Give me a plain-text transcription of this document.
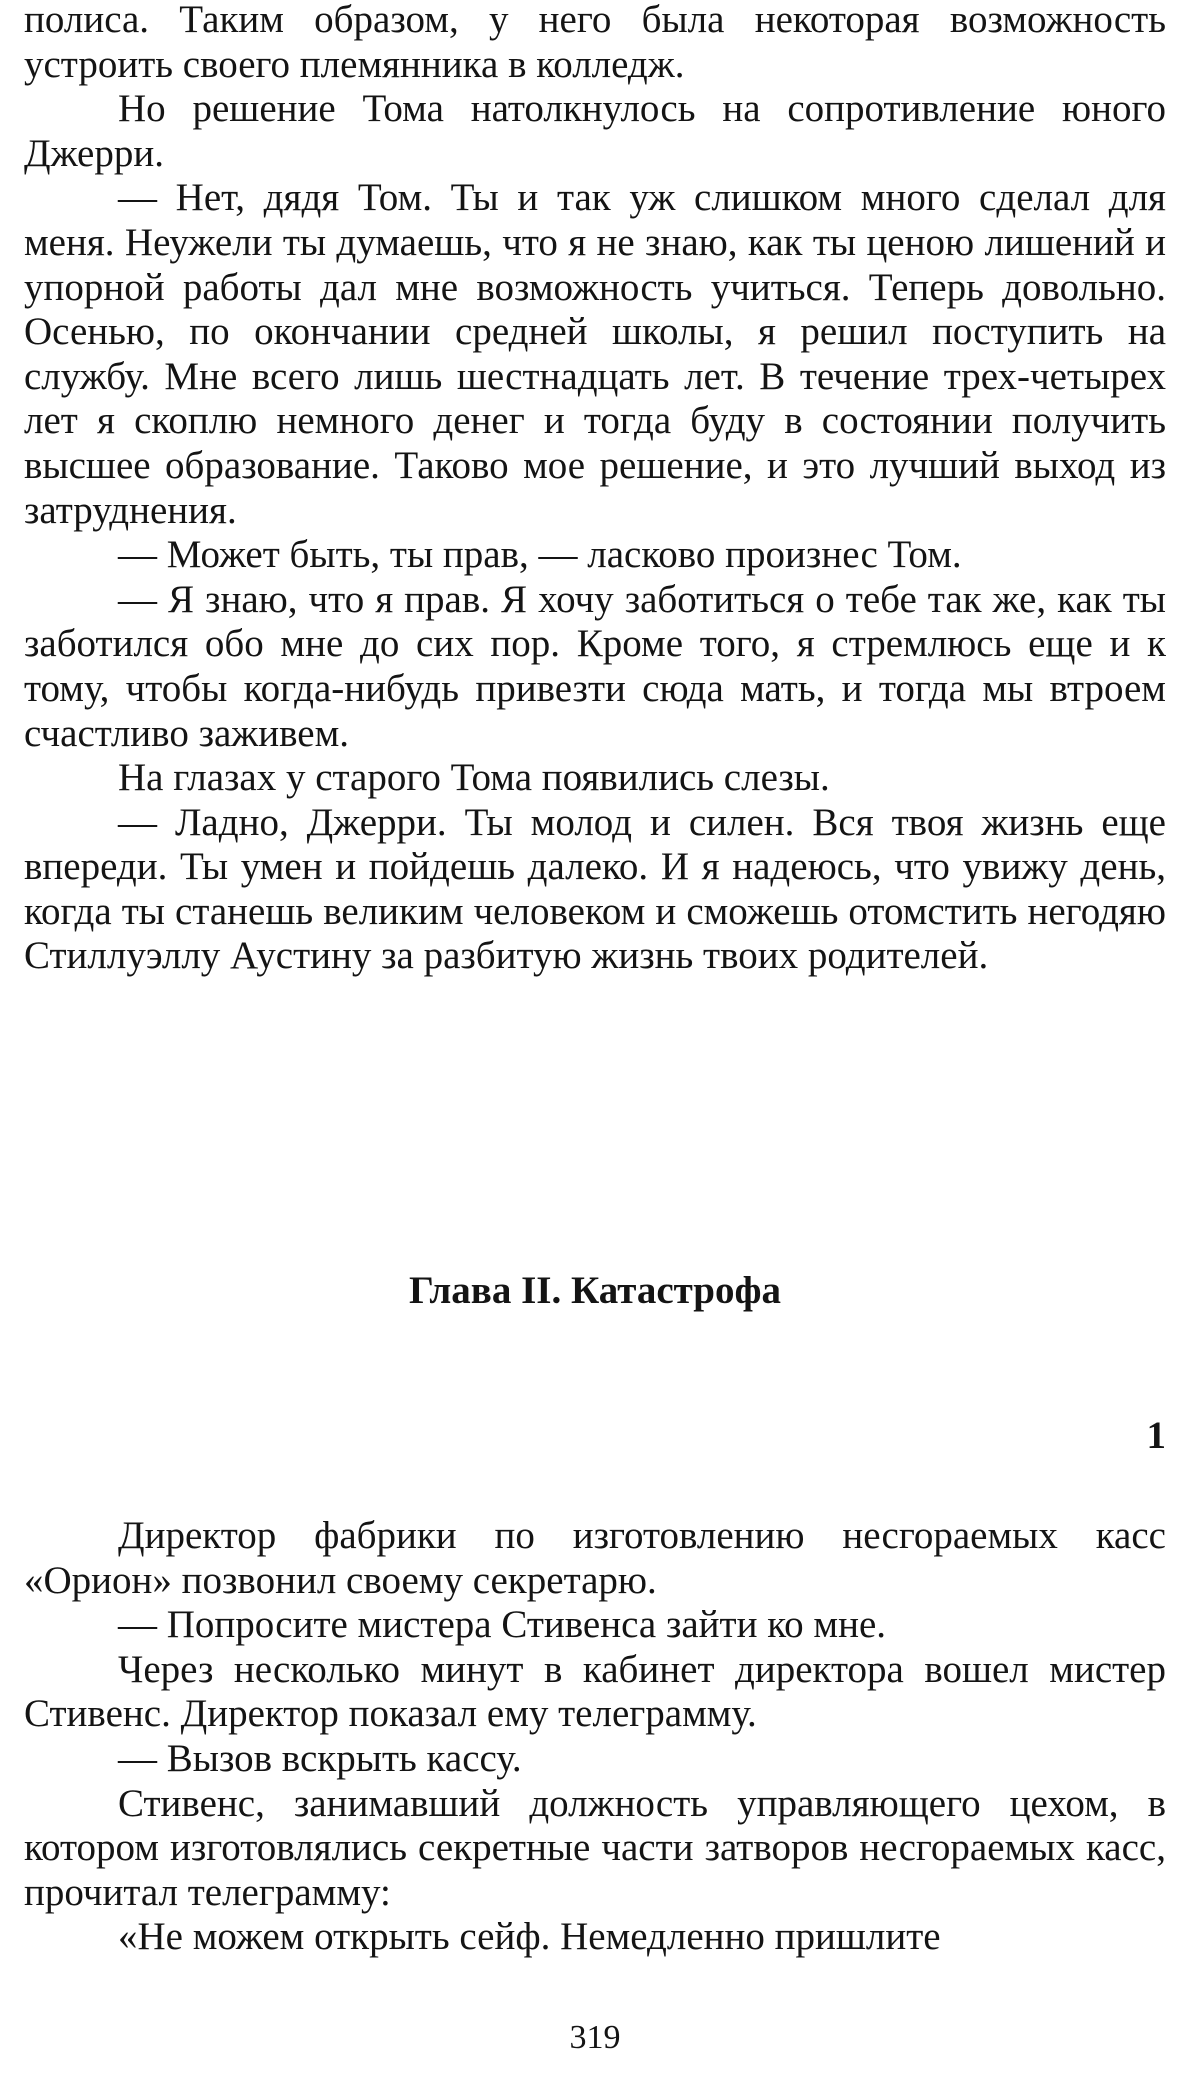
полиса. Таким образом, у него была некоторая возможность устроить своего племянника в колледж.

Но решение Тома натолкнулось на сопротивление юного Джерри.

— Нет, дядя Том. Ты и так уж слишком много сделал для меня. Неужели ты думаешь, что я не знаю, как ты ценою лишений и упорной работы дал мне возможность учиться. Теперь довольно. Осенью, по окончании средней школы, я решил поступить на службу. Мне всего лишь шестнадцать лет. В течение трех-четырех лет я скоплю немного денег и тогда буду в состоянии получить высшее образование. Таково мое решение, и это лучший выход из затруднения.

— Может быть, ты прав, — ласково произнес Том.

— Я знаю, что я прав. Я хочу заботиться о тебе так же, как ты заботился обо мне до сих пор. Кроме того, я стремлюсь еще и к тому, чтобы когда-нибудь привезти сюда мать, и тогда мы втроем счастливо заживем.

На глазах у старого Тома появились слезы.

— Ладно, Джерри. Ты молод и силен. Вся твоя жизнь еще впереди. Ты умен и пойдешь далеко. И я надеюсь, что увижу день, когда ты станешь великим человеком и сможешь отомстить негодяю Стиллуэллу Аустину за разбитую жизнь твоих родителей.

Глава II. Катастрофа
1

Директор фабрики по изготовлению несгораемых касс «Орион» позвонил своему секретарю.

— Попросите мистера Стивенса зайти ко мне.

Через несколько минут в кабинет директора вошел мистер Стивенс. Директор показал ему телеграмму.

— Вызов вскрыть кассу.

Стивенс, занимавший должность управляющего цехом, в котором изготовлялись секретные части затворов несгораемых касс, прочитал телеграмму:

«Не можем открыть сейф. Немедленно пришлите

319
